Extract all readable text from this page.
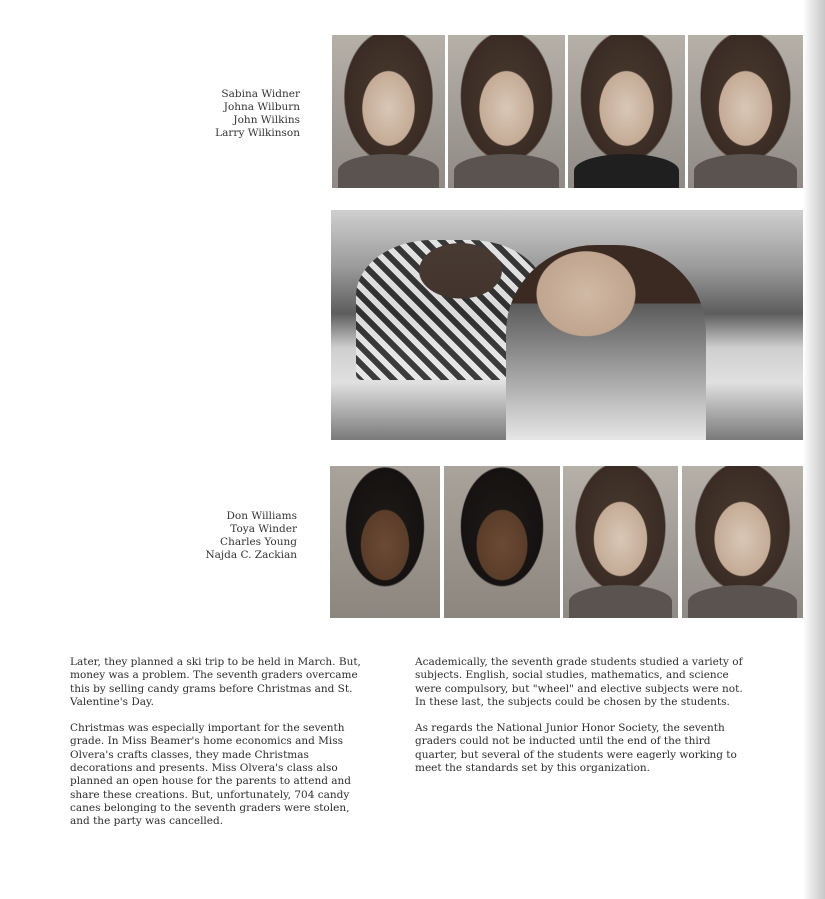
Sabina Widner
Johna Wilburn
John Wilkins
Larry Wilkinson
Don Williams
Toya Winder
Charles Young
Najda C. Zackian

Later, they planned a ski trip to be held in March. But, money was a problem. The seventh graders overcame this by selling candy grams before Christmas and St. Valentine's Day.

Christmas was especially important for the seventh grade. In Miss Beamer's home economics and Miss Olvera's crafts classes, they made Christmas decorations and presents. Miss Olvera's class also planned an open house for the parents to attend and share these creations. But, unfortunately, 704 candy canes belonging to the seventh graders were stolen, and the party was cancelled.

Academically, the seventh grade students studied a variety of subjects. English, social studies, mathematics, and science were compulsory, but "wheel" and elective subjects were not. In these last, the subjects could be chosen by the students.

As regards the National Junior Honor Society, the seventh graders could not be inducted until the end of the third quarter, but several of the students were eagerly working to meet the standards set by this organization.
